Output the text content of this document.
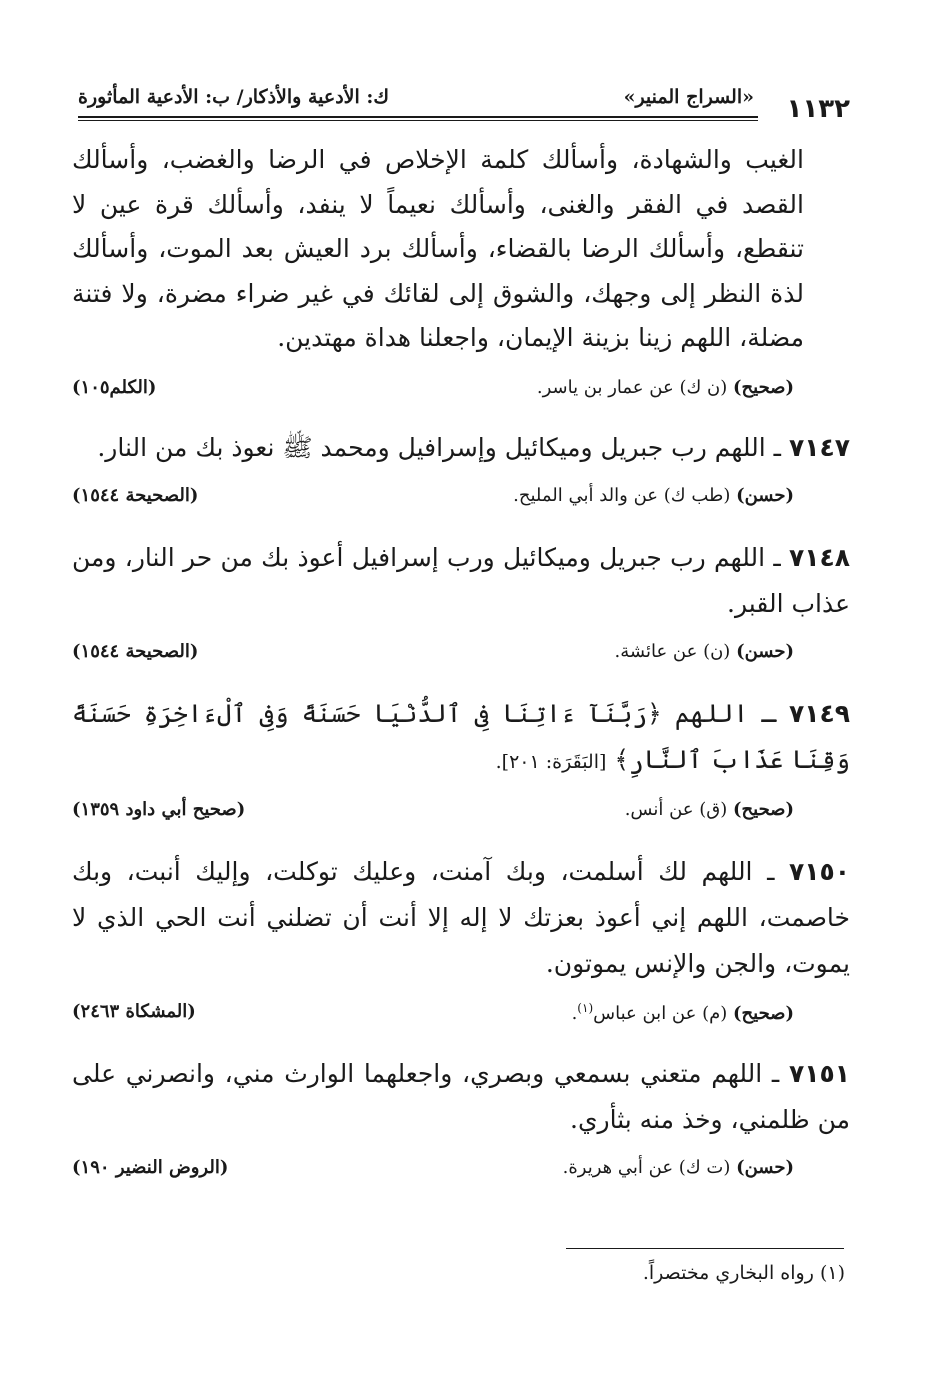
١١٣٢
«السراج المنير»
ك: الأدعية والأذكار/ ب: الأدعية المأثورة

الغيب والشهادة، وأسألك كلمة الإخلاص في الرضا والغضب، وأسألك القصد في الفقر والغنى، وأسألك نعيماً لا ينفد، وأسألك قرة عين لا تنقطع، وأسألك الرضا بالقضاء، وأسألك برد العيش بعد الموت، وأسألك لذة النظر إلى وجهك، والشوق إلى لقائك في غير ضراء مضرة، ولا فتنة مضلة، اللهم زينا بزينة الإيمان، واجعلنا هداة مهتدين.

(صحيح) (ن ك) عن عمار بن ياسر.
(الكلم١٠٥)

٧١٤٧ ـ اللهم رب جبريل وميكائيل وإسرافيل ومحمد ﷺ نعوذ بك من النار.

(حسن) (طب ك) عن والد أبي المليح.
(الصحيحة ١٥٤٤)

٧١٤٨ ـ اللهم رب جبريل وميكائيل ورب إسرافيل أعوذ بك من حر النار، ومن عذاب القبر.

(حسن) (ن) عن عائشة.
(الصحيحة ١٥٤٤)

٧١٤٩ ـ اللهم ﴿رَبَّنَآ ءَاتِنَا فِى ٱلدُّنْيَا حَسَنَةً وَفِى ٱلْءَاخِرَةِ حَسَنَةً وَقِنَا عَذَابَ ٱلنَّارِ﴾ [البَقَرَة: ٢٠١].

(صحيح) (ق) عن أنس.
(صحيح أبي داود ١٣٥٩)

٧١٥٠ ـ اللهم لك أسلمت، وبك آمنت، وعليك توكلت، وإليك أنبت، وبك خاصمت، اللهم إني أعوذ بعزتك لا إله إلا أنت أن تضلني أنت الحي الذي لا يموت، والجن والإنس يموتون.

(صحيح) (م) عن ابن عباس$^{(١)}$.
(المشكاة ٢٤٦٣)

٧١٥١ ـ اللهم متعني بسمعي وبصري، واجعلهما الوارث مني، وانصرني على من ظلمني، وخذ منه بثأري.

(حسن) (ت ك) عن أبي هريرة.
(الروض النضير ١٩٠)
(١) رواه البخاري مختصراً.
